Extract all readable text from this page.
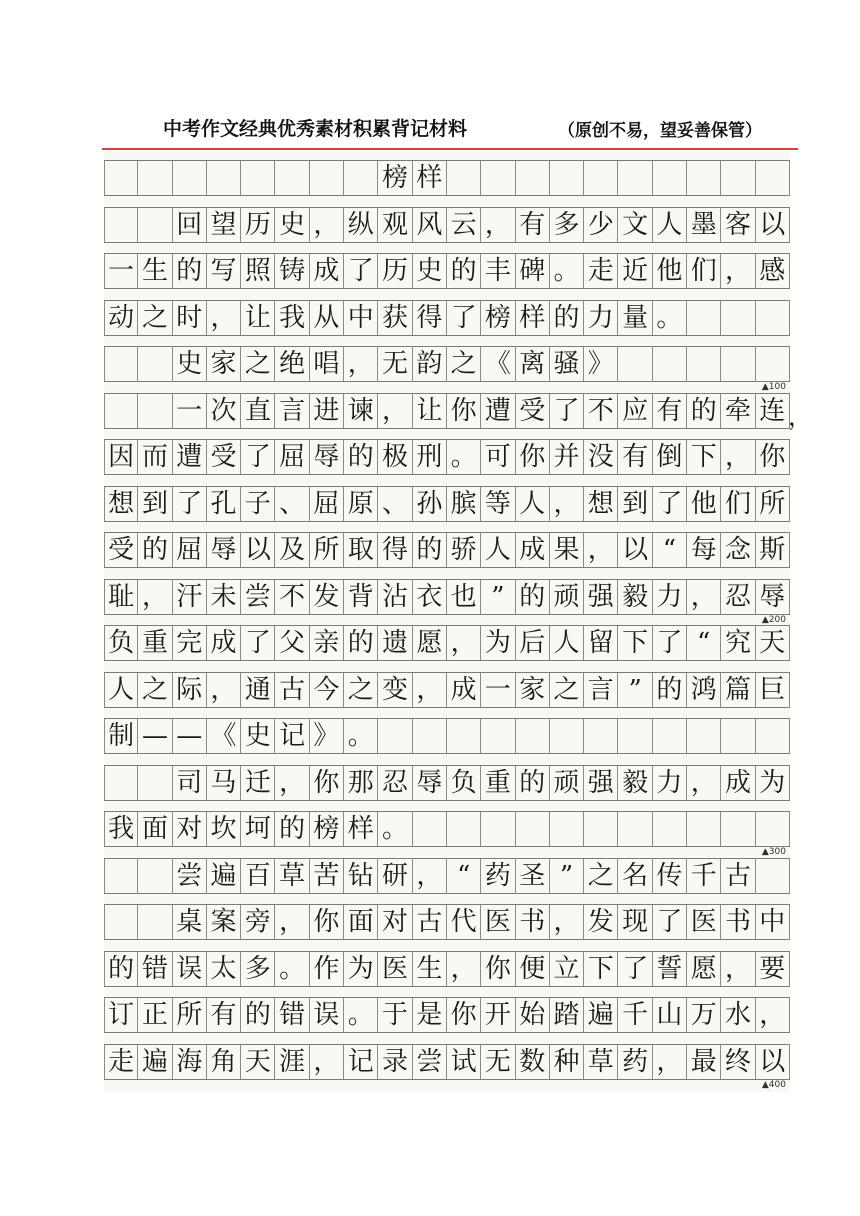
中考作文经典优秀素材积累背记材料	（原创不易，望妥善保管）
榜 样
回 望 历 史 ， 纵 观 风 云 ， 有 多 少 文 人 墨 客 以
一 生 的 写 照 铸 成 了 历 史 的 丰 碑 。 走 近 他 们 ， 感
动 之 时 ， 让 我 从 中 获 得 了 榜 样 的 力 量 。
史 家 之 绝 唱 ， 无 韵 之 《 离 骚 》
一 次 直 言 进 谏 ， 让 你 遭 受 了 不 应 有 的 牵 连 ，
因 而 遭 受 了 屈 辱 的 极 刑 。 可 你 并 没 有 倒 下 ， 你
想 到 了 孔 子 、 屈 原 、 孙 膑 等 人 ， 想 到 了 他 们 所
受 的 屈 辱 以 及 所 取 得 的 骄 人 成 果 ， 以 “ 每 念 斯
耻 ， 汗 未 尝 不 发 背 沾 衣 也 ” 的 顽 强 毅 力 ， 忍 辱
负 重 完 成 了 父 亲 的 遗 愿 ， 为 后 人 留 下 了 “ 究 天
人 之 际 ， 通 古 今 之 变 ， 成 一 家 之 言 ” 的 鸿 篇 巨
制 — — 《 史 记 》 。
司 马 迁 ， 你 那 忍 辱 负 重 的 顽 强 毅 力 ， 成 为
我 面 对 坎 坷 的 榜 样 。
尝 遍 百 草 苦 钻 研 ， “ 药 圣 ” 之 名 传 千 古
桌 案 旁 ， 你 面 对 古 代 医 书 ， 发 现 了 医 书 中
的 错 误 太 多 。 作 为 医 生 ， 你 便 立 下 了 誓 愿 ， 要
订 正 所 有 的 错 误 。 于 是 你 开 始 踏 遍 千 山 万 水 ，
走 遍 海 角 天 涯 ， 记 录 尝 试 无 数 种 草 药 ， 最 终 以
▲100
▲200
▲300
▲400
